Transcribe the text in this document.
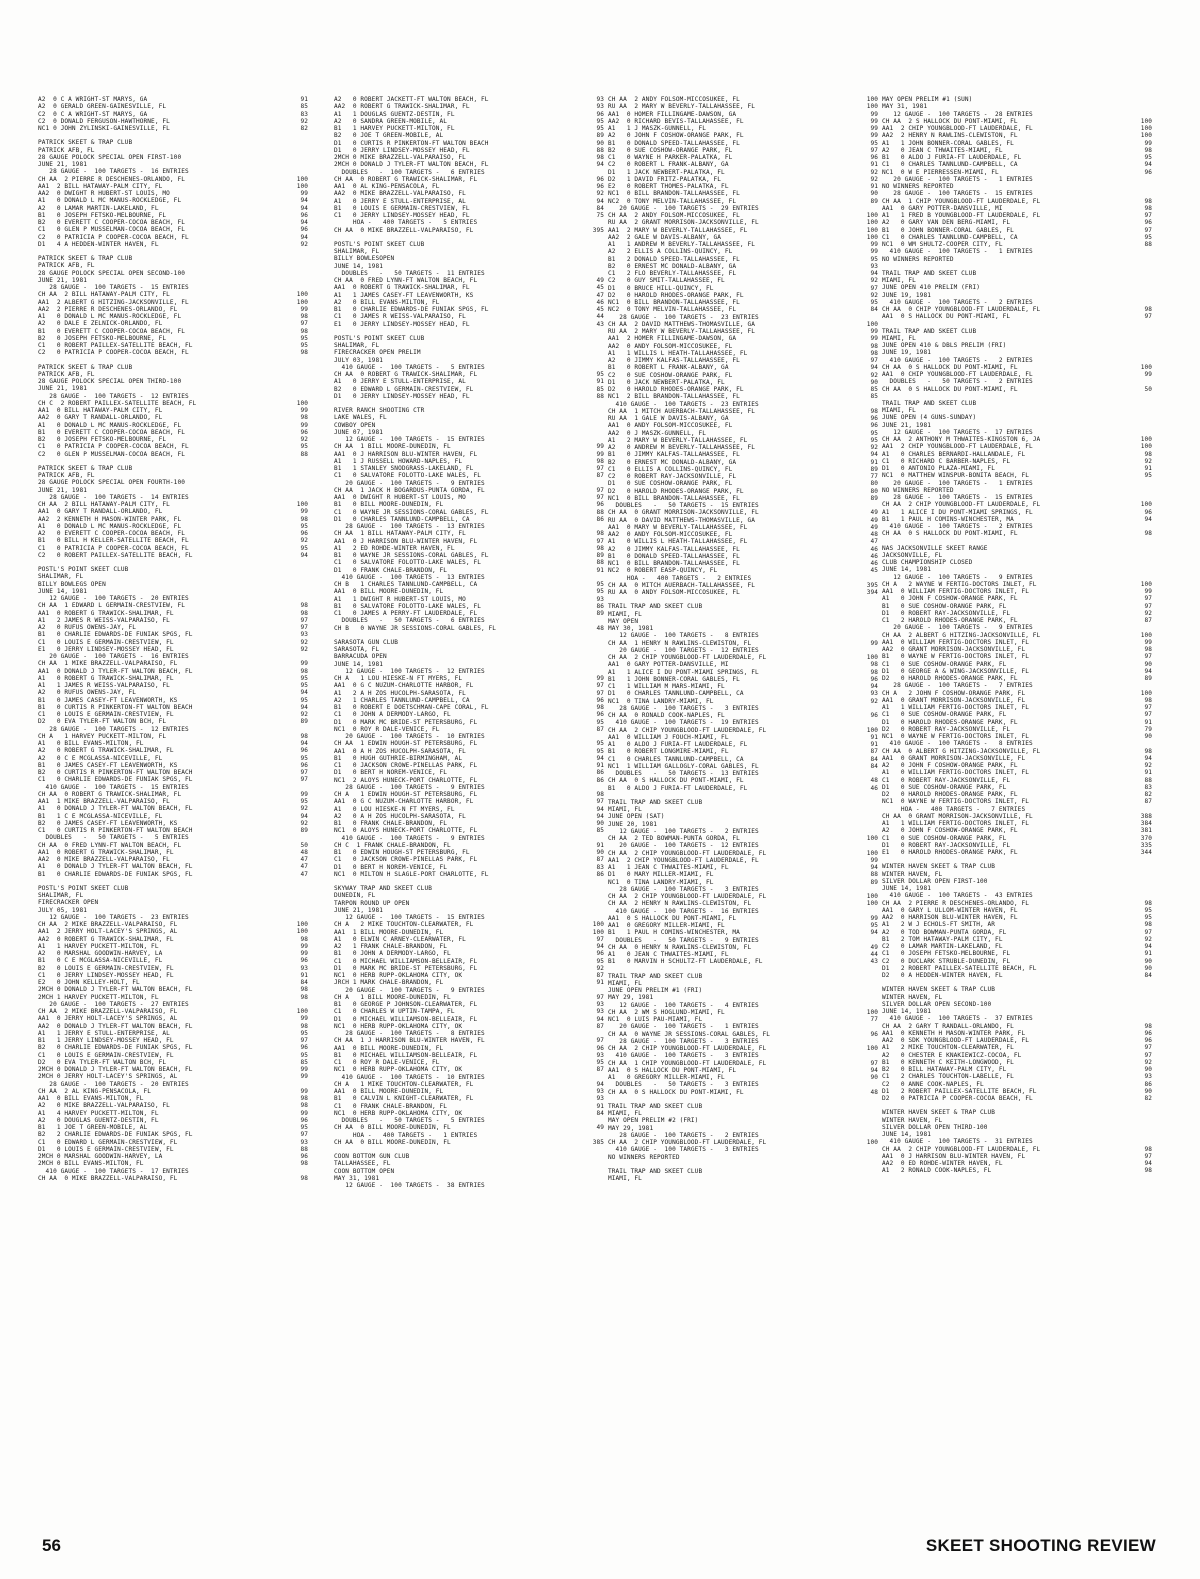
A2  0 C A WRIGHT-ST MARYS, GA	91
A2  0 GERALD GREEN-GAINESVILLE, FL	85
C2  0 C A WRIGHT-ST MARYS, GA	83
C2  0 DONALD FERGUSON-HAWTHORNE, FL	92
NC1 0 JOHN ZYLINSKI-GAINESVILLE, FL	82
PATRICK SKEET & TRAP CLUB
PATRICK AFB, FL
28 GAUGE POLOCK SPECIAL OPEN FIRST-100
JUNE 21, 1981
28 GAUGE -  100 TARGETS -  16 ENTRIES
CH AA  2 PIERRE R DESCHENES-ORLANDO, FL	100
AA1  2 BILL HATAWAY-PALM CITY, FL	100
AA2  0 DWIGHT R HUBERT-ST LOUIS, MO	99
A1   0 DONALD L MC MANUS-ROCKLEDGE, FL	94
A2   0 LAMAR MARTIN-LAKELAND, FL	94
B1   0 JOSEPH FETSKO-MELBOURNE, FL	96
B2   0 EVERETT C COOPER-COCOA BEACH, FL	94
C1   0 GLEN P MUSSELMAN-COCOA BEACH, FL	96
C2   0 PATRICIA P COOPER-COCOA BEACH, FL	94
D1   4 A HEDDEN-WINTER HAVEN, FL	92
PATRICK SKEET & TRAP CLUB
PATRICK AFB, FL
28 GAUGE POLOCK SPECIAL OPEN SECOND-100
JUNE 21, 1981
28 GAUGE -  100 TARGETS -  15 ENTRIES
CH AA  2 BILL HATAWAY-PALM CITY, FL	100
AA1  2 ALBERT G HITZING-JACKSONVILLE, FL	100
AA2  2 PIERRE R DESCHENES-ORLANDO, FL	99
A1   0 DONALD L MC MANUS-ROCKLEDGE, FL	98
A2   0 DALE E ZELNICK-ORLANDO, FL	97
B1   0 EVERETT C COOPER-COCOA BEACH, FL	98
B2   0 JOSEPH FETSKO-MELBOURNE, FL	95
C1   0 ROBERT PAILLEX-SATELLITE BEACH, FL	95
C2   0 PATRICIA P COOPER-COCOA BEACH, FL	98
PATRICK SKEET & TRAP CLUB
PATRICK AFB, FL
28 GAUGE POLOCK SPECIAL OPEN THIRD-100
JUNE 21, 1981
28 GAUGE -  100 TARGETS -  12 ENTRIES
CH C  2 ROBERT PAILLEX-SATELLITE BEACH, FL	100
AA1  0 BILL HATAWAY-PALM CITY, FL	99
AA2  0 GARY T RANDALL-ORLANDO, FL	98
A1   0 DONALD L MC MANUS-ROCKLEDGE, FL	99
B1   0 EVERETT C COOPER-COCOA BEACH, FL	96
B2   0 JOSEPH FETSKO-MELBOURNE, FL	92
C1   0 PATRICIA P COOPER-COCOA BEACH, FL	95
C2   0 GLEN P MUSSELMAN-COCOA BEACH, FL	88
PATRICK SKEET & TRAP CLUB
PATRICK AFB, FL
28 GAUGE POLOCK SPECIAL OPEN FOURTH-100
JUNE 21, 1981
28 GAUGE -  100 TARGETS -  14 ENTRIES
CH AA  2 BILL HATAWAY-PALM CITY, FL	100
AA1  0 GARY T RANDALL-ORLANDO, FL	99
AA2  2 KENNETH H MASON-WINTER PARK, FL	98
A1   0 DONALD L MC MANUS-ROCKLEDGE, FL	95
A2   0 EVERETT C COOPER-COCOA BEACH, FL	96
B1   0 BILL H KELLER-SATELLITE BEACH, FL	92
C1   0 PATRICIA P COOPER-COCOA BEACH, FL	95
C2   0 ROBERT PAILLEX-SATELLITE BEACH, FL	94
POSTL'S POINT SKEET CLUB
SHALIMAR, FL
BILLY BOWLEGS OPEN
JUNE 14, 1981
12 GAUGE -  100 TARGETS -  20 ENTRIES
CH AA  1 EDWARD L GERMAIN-CRESTVIEW, FL	98
AA1  0 ROBERT G TRAWICK-SHALIMAR, FL	98
A1   2 JAMES R WEISS-VALPARAISO, FL	97
A2   0 RUFUS OWENS-JAY, FL	97
B1   0 CHARLIE EDWARDS-DE FUNIAK SPGS, FL	93
C1   0 LOUIS E GERMAIN-CRESTVIEW, FL	92
E1   0 JERRY LINDSEY-MOSSEY HEAD, FL	92
20 GAUGE -  100 TARGETS -  16 ENTRIES
CH AA  1 MIKE BRAZZELL-VALPARAISO, FL	99
AA1  0 DONALD J TYLER-FT WALTON BEACH, FL	98
A1   0 ROBERT G TRAWICK-SHALIMAR, FL	95
A1   1 JAMES R WEISS-VALPARAISO, FL	95
A2   0 RUFUS OWENS-JAY, FL	94
B1   0 JAMES CASEY-FT LEAVENWORTH, KS	95
B1   0 CURTIS R PINKERTON-FT WALTON BEACH	94
C1   0 LOUIS E GERMAIN-CRESTVIEW, FL	92
D2   0 EVA TYLER-FT WALTON BCH, FL	89
28 GAUGE -  100 TARGETS -  12 ENTRIES
CH A   1 HARVEY PUCKETT-MILTON, FL	98
A1   0 BILL EVANS-MILTON, FL	94
A2   0 ROBERT G TRAWICK-SHALIMAR, FL	96
A2   0 C E MCGLASSA-NICEVILLE, FL	95
B1   0 JAMES CASEY-FT LEAVENWORTH, KS	96
B2   0 CURTIS R PINKERTON-FT WALTON BEACH	97
C1   0 CHARLIE EDWARDS-DE FUNIAK SPGS, FL	97
410 GAUGE -  100 TARGETS -  15 ENTRIES
CH AA  0 ROBERT G TRAWICK-SHALIMAR, FL	99
AA1  1 MIKE BRAZZELL-VALPARAISO, FL	95
A1   0 DONALD J TYLER-FT WALTON BEACH, FL	92
B1   1 C E MCGLASSA-NICEVILLE, FL	94
B2   0 JAMES CASEY-FT LEAVENWORTH, KS	92
C1   0 CURTIS R PINKERTON-FT WALTON BEACH	89
DOUBLES   -   50 TARGETS -   5 ENTRIES
CH AA  0 FRED LYNN-FT WALTON BEACH, FL	50
AA1  0 ROBERT G TRAWICK-SHALIMAR, FL	48
AA2  0 MIKE BRAZZELL-VALPARAISO, FL	47
A1   0 DONALD J TYLER-FT WALTON BEACH, FL	47
B1   0 CHARLIE EDWARDS-DE FUNIAK SPGS, FL	47
POSTL'S POINT SKEET CLUB
SHALIMAR, FL
FIRECRACKER OPEN
JULY 05, 1981
12 GAUGE -  100 TARGETS -  23 ENTRIES
CH AA  2 MIKE BRAZZELL-VALPARAISO, FL	100
AA1  2 JERRY HOLT-LACEY'S SPRINGS, AL	100
AA2  0 ROBERT G TRAWICK-SHALIMAR, FL	98
A1   1 HARVEY PUCKETT-MILTON, FL	99
A2   0 MARSHAL GOODWIN-HARVEY, LA	99
B1   0 C E MCGLASSA-NICEVILLE, FL	96
B2   0 LOUIS E GERMAIN-CRESTVIEW, FL	93
C1   0 JERRY LINDSEY-MOSSEY HEAD, FL	91
E2   0 JOHN KELLEY-HOLT, FL	84
2MCH 0 DONALD J TYLER-FT WALTON BEACH, FL	98
2MCH 1 HARVEY PUCKETT-MILTON, FL	98
20 GAUGE -  100 TARGETS -  27 ENTRIES
CH AA  2 MIKE BRAZZELL-VALPARAISO, FL	100
AA1  0 JERRY HOLT-LACEY'S SPRINGS, AL	99
AA2  0 DONALD J TYLER-FT WALTON BEACH, FL	98
A1   1 JERRY E STULL-ENTERPRISE, AL	95
B1   1 JERRY LINDSEY-MOSSEY HEAD, FL	97
B2   0 CHARLIE EDWARDS-DE FUNIAK SPGS, FL	96
C1   0 LOUIS E GERMAIN-CRESTVIEW, FL	95
D2   0 EVA TYLER-FT WALTON BCH, FL	85
2MCH 0 DONALD J TYLER-FT WALTON BEACH, FL	99
2MCH 0 JERRY HOLT-LACEY'S SPRINGS, AL	99
28 GAUGE -  100 TARGETS -  20 ENTRIES
CH AA  2 AL KING-PENSACOLA, FL	99
AA1  0 BILL EVANS-MILTON, FL	98
A2   0 MIKE BRAZZELL-VALPARAISO, FL	98
A1   4 HARVEY PUCKETT-MILTON, FL	99
A2   0 DOUGLAS GUENTZ-DESTIN, FL	96
B1   1 JOE T GREEN-MOBILE, AL	95
B2   2 CHARLIE EDWARDS-DE FUNIAK SPGS, FL	97
C1   0 EDWARD L GERMAIN-CRESTVIEW, FL	93
D1   0 LOUIS E GERMAIN-CRESTVIEW, FL	88
2MCH 0 MARSHAL GOODWIN-HARVEY, LA	96
2MCH 0 BILL EVANS-MILTON, FL	98
410 GAUGE -  100 TARGETS -  17 ENTRIES
CH AA  0 MIKE BRAZZELL-VALPARAISO, FL	98
A2   0 ROBERT JACKETT-FT WALTON BEACH, FL	93
AA2  0 ROBERT G TRAWICK-SHALIMAR, FL	93
A1   1 DOUGLAS GUENTZ-DESTIN, FL	96
A2   0 SANDRA GREEN-MOBILE, AL	95
B1   1 HARVEY PUCKETT-MILTON, FL	95
B2   0 JOE T GREEN-MOBILE, AL	89
D1   0 CURTIS R PINKERTON-FT WALTON BEACH	90
D1   0 JERRY LINDSEY-MOSSEY HEAD, FL	88
2MCH 0 MIKE BRAZZELL-VALPARAISO, FL	98
2MCH 0 DONALD J TYLER-FT WALTON BEACH, FL	94
DOUBLES   -  100 TARGETS -   6 ENTRIES
CH AA  0 ROBERT G TRAWICK-SHALIMAR, FL	96
AA1  0 AL KING-PENSACOLA, FL	96
AA2  0 MIKE BRAZZELL-VALPARAISO, FL	92
A1   0 JERRY E STULL-ENTERPRISE, AL	94
B1   0 LOUIS E GERMAIN-CRESTVIEW, FL	84
C1   0 JERRY LINDSEY-MOSSEY HEAD, FL	75
HOA -   400 TARGETS -   5 ENTRIES
CH AA  0 MIKE BRAZZELL-VALPARAISO, FL	395
POSTL'S POINT SKEET CLUB
SHALIMAR, FL
BILLY BOWLESOPEN
JUNE 14, 1981
DOUBLES   -   50 TARGETS -  11 ENTRIES
CH AA  0 FRED LYNN-FT WALTON BEACH, FL	49
AA1  0 ROBERT G TRAWICK-SHALIMAR, FL	45
A1   1 JAMES CASEY-FT LEAVENWORTH, KS	47
A2   0 BILL EVANS-MILTON, FL	46
B1   0 CHARLIE EDWARDS-DE FUNIAK SPGS, FL	45
C1   0 JAMES R WEISS-VALPARAISO, FL	44
E1   0 JERRY LINDSEY-MOSSEY HEAD, FL	43
POSTL'S POINT SKEET CLUB
SHALIMAR, FL
FIRECRACKER OPEN PRELIM
JULY 03, 1981
410 GAUGE -  100 TARGETS -   5 ENTRIES
CH AA  0 ROBERT G TRAWICK-SHALIMAR, FL	95
A1   0 JERRY E STULL-ENTERPRISE, AL	91
B2   0 EDWARD L GERMAIN-CRESTVIEW, FL	85
D1   0 JERRY LINDSEY-MOSSEY HEAD, FL	88
RIVER RANCH SHOOTING CTR
LAKE WALES, FL
COWBOY OPEN
JUNE 07, 1981
12 GAUGE -  100 TARGETS -  15 ENTRIES
CH AA  1 BILL MOORE-DUNEDIN, FL	99
AA1  0 J HARRISON BLU-WINTER HAVEN, FL	99
A1   1 J RUSSELL HOWARD-NAPLES, FL	98
B1   1 STANLEY SNODGRASS-LAKELAND, FL	97
C1   0 SALVATORE FOLOTTO-LAKE WALES, FL	87
20 GAUGE -  100 TARGETS -   9 ENTRIES
CH AA  1 JACK H BOGARDUS-PUNTA GORDA, FL	97
AA1  0 DWIGHT R HUBERT-ST LOUIS, MO	97
B1   0 BILL MOORE-DUNEDIN, FL	96
C1   0 WAYNE JR SESSIONS-CORAL GABLES, FL	88
D1   0 CHARLES TANNLUND-CAMPBELL, CA	86
28 GAUGE -  100 TARGETS -  13 ENTRIES
CH AA  1 BILL HATAWAY-PALM CITY, FL	98
AA1  0 J HARRISON BLU-WINTER HAVEN, FL	97
A1   2 ED ROHDE-WINTER HAVEN, FL	98
B1   0 WAYNE JR SESSIONS-CORAL GABLES, FL	89
C1   0 SALVATORE FOLOTTO-LAKE WALES, FL	88
D1   0 FRANK CHALE-BRANDON, FL	91
410 GAUGE -  100 TARGETS -  13 ENTRIES
CH B   1 CHARLES TANNLUND-CAMPBELL, CA	95
AA1  0 BILL MOORE-DUNEDIN, FL	95
A1   1 DWIGHT R HUBERT-ST LOUIS, MO	93
B1   0 SALVATORE FOLOTTO-LAKE WALES, FL	86
C1   0 JAMES A PERRY-FT LAUDERDALE, FL	89
DOUBLES   -   50 TARGETS -   6 ENTRIES
CH B   0 WAYNE JR SESSIONS-CORAL GABLES, FL	48
SARASOTA GUN CLUB
SARASOTA, FL
BARRACUDA OPEN
JUNE 14, 1981
12 GAUGE -  100 TARGETS -  12 ENTRIES
CH A   1 LOU HIESKE-N FT MYERS, FL	99
AA1  0 G C NUZUM-CHARLOTTE HARBOR, FL	97
A1   2 A H ZOS HUCOLPH-SARASOTA, FL	97
A2   1 CHARLES TANNLUND-CAMPBELL, CA	96
B1   0 ROBERT E DOETSCHMAN-CAPE CORAL, FL	98
C1   0 JOHN A DERMODY-LARGO, FL	96
D1   0 MARK MC BRIDE-ST PETERSBURG, FL	95
NC1  0 ROY R DALE-VENICE, FL	87
20 GAUGE -  100 TARGETS -  10 ENTRIES
CH AA  1 EDWIN HOUGH-ST PETERSBURG, FL	95
AA1  0 A H ZOS HUCOLPH-SARASOTA, FL	95
B1   0 HUGH GUTHRIE-BIRMINGHAM, AL	94
C1   0 JACKSON CROWE-PINELLAS PARK, FL	91
D1   0 BERT H NOREM-VENICE, FL	86
NC1  2 ALOYS HUNECK-PORT CHARLOTTE, FL	86
28 GAUGE -  100 TARGETS -   9 ENTRIES
CH A   1 EDWIN HOUGH-ST PETERSBURG, FL	98
AA1  0 G C NUZUM-CHARLOTTE HARBOR, FL	97
A1   0 LOU HIESKE-N FT MYERS, FL	94
A2   0 A H ZOS HUCOLPH-SARASOTA, FL	94
B1   0 FRANK CHALE-BRANDON, FL	90
NC1  0 ALOYS HUNECK-PORT CHARLOTTE, FL	85
410 GAUGE -  100 TARGETS -   9 ENTRIES
CH C  1 FRANK CHALE-BRANDON, FL	91
B1   0 EDWIN HOUGH-ST PETERSBURG, FL	90
C1   0 JACKSON CROWE-PINELLAS PARK, FL	87
D1   0 BERT H NOREM-VENICE, FL	83
NC1  0 MILTON H SLAGLE-PORT CHARLOTTE, FL	86
SKYWAY TRAP AND SKEET CLUB
DUNEDIN, FL
TARPON ROUND UP OPEN
JUNE 21, 1981
12 GAUGE -  100 TARGETS -  15 ENTRIES
CH A   2 MIKE TOUCHTON-CLEARWATER, FL	100
AA1  1 BILL MOORE-DUNEDIN, FL	100
A1   0 ELWIN C ARNEY-CLEARWATER, FL	97
A2   1 FRANK CHALE-BRANDON, FL	94
B1   0 JOHN A DERMODY-LARGO, FL	96
C1   0 MICHAEL WILLIAMSON-BELLEAIR, FL	95
D1   0 MARK MC BRIDE-ST PETERSBURG, FL	92
NC1  0 HERB RUPP-OKLAHOMA CITY, OK	87
JRCH 1 MARK CHALE-BRANDON, FL	91
20 GAUGE -  100 TARGETS -   9 ENTRIES
CH A   1 BILL MOORE-DUNEDIN, FL	97
B1   0 GEORGE P JOHNSON-CLEARWATER, FL	93
C1   0 CHARLES W UPTIN-TAMPA, FL	93
D1   0 MICHAEL WILLIAMSON-BELLEAIR, FL	94
NC1  0 HERB RUPP-OKLAHOMA CITY, OK	87
28 GAUGE -  100 TARGETS -   8 ENTRIES
CH AA  1 J HARRISON BLU-WINTER HAVEN, FL	97
AA1  0 BILL MOORE-DUNEDIN, FL	96
B1   0 MICHAEL WILLIAMSON-BELLEAIR, FL	93
C1   0 ROY R DALE-VENICE, FL	95
NC1  0 HERB RUPP-OKLAHOMA CITY, OK	87
410 GAUGE -  100 TARGETS -  10 ENTRIES
CH A   1 MIKE TOUCHTON-CLEARWATER, FL	94
AA1  0 BILL MOORE-DUNEDIN, FL	93
B1   0 CALVIN L KNIGHT-CLEARWATER, FL	93
C1   0 FRANK CHALE-BRANDON, FL	91
NC1  0 HERB RUPP-OKLAHOMA CITY, OK	84
DOUBLES   -   50 TARGETS -   5 ENTRIES
CH AA  0 BILL MOORE-DUNEDIN, FL	49
HOA -   400 TARGETS -   1 ENTRIES
CH AA  0 BILL MOORE-DUNEDIN, FL	385
COON BOTTOM GUN CLUB
TALLAHASSEE, FL
COON BOTTOM OPEN
MAY 31, 1981
12 GAUGE -  100 TARGETS -  38 ENTRIES
CH AA  2 ANDY FOLSOM-MICCOSUKEE, FL	100
RU AA  2 MARY W BEVERLY-TALLAHASSEE, FL	100
AA1  0 HOMER FILLINGAME-DAWSON, GA	99
AA2  0 RICHARD BEVIS-TALLAHASSEE, FL	99
A1   1 J MASZK-GUNNELL, FL	99
A2   0 JOHN F COSHOW-ORANGE PARK, FL	99
B1   0 DONALD SPEED-TALLAHASSEE, FL	95
B2   0 SUE COSHOW-ORANGE PARK, FL	97
C1   0 WAYNE H PARKER-PALATKA, FL	96
C2   0 ROBERT L FRANK-ALBANY, GA	91
D1   1 JACK NEWBERT-PALATKA, FL	92
D2   1 DAVID FRITZ-PALATKA, FL	92
E2   0 ROBERT THOMES-PALATKA, FL	91
NC1  0 BILL BRANDON-TALLAHASSEE, FL	90
NC2  0 TONY MELVIN-TALLAHASSEE, FL	89
20 GAUGE -  100 TARGETS -  29 ENTRIES
CH AA  2 ANDY FOLSOM-MICCOSUKEE, FL	100
RU AA  2 GRANT MORRISON-JACKSONVILLE, FL	100
AA1  2 MARY W BEVERLY-TALLAHASSEE, FL	100
AA2  2 GALE W DAVIS-ALBANY, GA	100
A1   1 ANDREW M BEVERLY-TALLAHASSEE, FL	99
A2   2 ELLIS A COLLINS-QUINCY, FL	99
B1   2 DONALD SPEED-TALLAHASSEE, FL	95
B2   0 ERNEST MC DONALD-ALBANY, GA	93
C1   2 FLO BEVERLY-TALLAHASSEE, FL	94
C2   0 GUY SMIT-TALLAHASSEE, FL	92
D1   0 BRUCE HILL-QUINCY, FL	97
D2   0 HAROLD RHODES-ORANGE PARK, FL	92
NC1  0 BILL BRANDON-TALLAHASSEE, FL	95
NC2  0 TONY MELVIN-TALLAHASSEE, FL	84
28 GAUGE -  100 TARGETS -  23 ENTRIES
CH AA  2 DAVID MATTHEWS-THOMASVILLE, GA	100
RU AA  2 MARY W BEVERLY-TALLAHASSEE, FL	99
AA1  2 HOMER FILLINGAME-DAWSON, GA	99
AA2  0 ANDY FOLSOM-MICCOSUKEE, FL	98
A1   1 WILLIS L HEATH-TALLAHASSEE, FL	98
A2   0 JIMMY KALFAS-TALLAHASSEE, FL	97
B1   0 ROBERT L FRANK-ALBANY, GA	94
C2   0 SUE COSHOW-ORANGE PARK, FL	92
D1   0 JACK NEWBERT-PALATKA, FL	90
D2   0 HAROLD RHODES-ORANGE PARK, FL	85
NC1  2 BILL BRANDON-TALLAHASSEE, FL	85
410 GAUGE -  100 TARGETS -  23 ENTRIES
CH AA  1 MITCH AUERBACH-TALLAHASSEE, FL	98
RU AA  1 GALE W DAVIS-ALBANY, GA	96
AA1  0 ANDY FOLSOM-MICCOSUKEE, FL	96
AA2  0 J MASZK-GUNNELL, FL	95
A1   2 MARY W BEVERLY-TALLAHASSEE, FL	95
A2   0 ANDREW M BEVERLY-TALLAHASSEE, FL	92
B1   0 JIMMY KALFAS-TALLAHASSEE, FL	94
B2   0 ERNEST MC DONALD-ALBANY, GA	91
C1   0 ELLIS A COLLINS-QUINCY, FL	89
C2   0 ROBERT RAY-JACKSONVILLE, FL	77
D1   0 SUE COSHOW-ORANGE PARK, FL	80
D2   0 HAROLD RHODES-ORANGE PARK, FL	80
NC1  0 BILL BRANDON-TALLAHASSEE, FL	89
DOUBLES   -   50 TARGETS -  15 ENTRIES
CH AA  0 GRANT MORRISON-JACKSONVILLE, FL	49
RU AA  0 DAVID MATTHEWS-THOMASVILLE, GA	49
AA1  0 MARY W BEVERLY-TALLAHASSEE, FL	49
AA2  0 ANDY FOLSOM-MICCOSUKEE, FL	48
A1   0 WILLIS L HEATH-TALLAHASSEE, FL	47
A2   0 JIMMY KALFAS-TALLAHASSEE, FL	46
B1   0 DONALD SPEED-TALLAHASSEE, FL	46
NC1  0 BILL BRANDON-TALLAHASSEE, FL	46
NC2  0 ROBERT EASP-QUINCY, FL	45
HOA -   400 TARGETS -   2 ENTRIES
CH AA  0 MITCH AUERBACH-TALLAHASSEE, FL	395
RU AA  0 ANDY FOLSOM-MICCOSUKEE, FL	394
TRAIL TRAP AND SKEET CLUB
MIAMI, FL
MAY OPEN
MAY 30, 1981
12 GAUGE -  100 TARGETS -   8 ENTRIES
CH AA  1 HENRY N RAWLINS-CLEWISTON, FL	99
20 GAUGE -  100 TARGETS -  12 ENTRIES
CH AA  2 CHIP YOUNGBLOOD-FT LAUDERDALE, FL	100
AA1  0 GARY POTTER-DANSVILLE, MI	98
A1   1 ALICE I DU PONT-MIAMI SPRINGS, FL	98
B1   1 JOHN BONNER-CORAL GABLES, FL	96
C1   1 WILLIAM M MARS-MIAMI, FL	94
D1   0 CHARLES TANNLUND-CAMPBELL, CA	93
NC1  0 TINA LANDRY-MIAMI, FL	92
28 GAUGE -  100 TARGETS -   3 ENTRIES
CH AA  0 RONALD COOK-NAPLES, FL	96
410 GAUGE -  100 TARGETS -  19 ENTRIES
CH AA  2 CHIP YOUNGBLOOD-FT LAUDERDALE, FL	100
AA1  0 WILLIAM J FOUCH-MIAMI, FL	91
A1   0 ALDO J FURIA-FT LAUDERDALE, FL	91
B1   0 ROBERT LONGMIRE-MIAMI, FL	87
C1   0 CHARLES TANNLUND-CAMPBELL, CA	84
NC1  1 WILLIAM GALLOGLY-CORAL GABLES, FL	84
DOUBLES   -   50 TARGETS -  13 ENTRIES
CH AA  0 S HALLOCK DU PONT-MIAMI, FL	48
B1   0 ALDO J FURIA-FT LAUDERDALE, FL	46
TRAIL TRAP AND SKEET CLUB
MIAMI, FL
JUNE OPEN (SAT)
JUNE 20, 1981
12 GAUGE -  100 TARGETS -   2 ENTRIES
CH AA  2 TED BOWMAN-PUNTA GORDA, FL	100
20 GAUGE -  100 TARGETS -  12 ENTRIES
CH AA  2 CHIP YOUNGBLOOD-FT LAUDERDALE, FL	100
AA1  2 CHIP YOUNGBLOOD-FT LAUDERDALE, FL	99
A1   1 JEAN C THWAITES-MIAMI, FL	94
D1   0 MARY MILLER-MIAMI, FL	88
NC1  0 TINA LANDRY-MIAMI, FL	89
28 GAUGE -  100 TARGETS -   3 ENTRIES
CH AA  2 CHIP YOUNGBLOOD-FT LAUDERDALE, FL	100
CH AA  2 HENRY N RAWLINS-CLEWISTON, FL	100
410 GAUGE -  100 TARGETS -  16 ENTRIES
AA1  0 S HALLOCK DU PONT-MIAMI, FL	99
AA1  0 GREGORY MILLER-MIAMI, FL	95
B1   1 PAUL H COMINS-WINCHESTER, MA	94
DOUBLES   -   50 TARGETS -   9 ENTRIES
CH AA  0 HENRY N RAWLINS-CLEWISTON, FL	49
A1   0 JEAN C THWAITES-MIAMI, FL	44
B1   0 MARVIN H SCHULTZ-FT LAUDERDALE, FL	43
TRAIL TRAP AND SKEET CLUB
MIAMI, FL
JUNE OPEN PRELIM #1 (FRI)
MAY 29, 1981
12 GAUGE -  100 TARGETS -   4 ENTRIES
CH AA  2 WM S HOGLUND-MIAMI, FL	100
NC1  0 LUIS PAU-MIAMI, FL	77
20 GAUGE -  100 TARGETS -   1 ENTRIES
CH AA  0 WAYNE JR SESSIONS-CORAL GABLES, FL	96
28 GAUGE -  100 TARGETS -   3 ENTRIES
CH AA  2 CHIP YOUNGBLOOD-FT LAUDERDALE, FL	100
410 GAUGE -  100 TARGETS -   3 ENTRIES
CH AA  1 CHIP YOUNGBLOOD-FT LAUDERDALE, FL	97
AA1  0 S HALLOCK DU PONT-MIAMI, FL	94
A1   0 GREGORY MILLER-MIAMI, FL	90
DOUBLES   -   50 TARGETS -   3 ENTRIES
CH AA  0 S HALLOCK DU PONT-MIAMI, FL	48
TRAIL TRAP AND SKEET CLUB
MIAMI, FL
MAY OPEN PRELIM #2 (FRI)
MAY 29, 1981
28 GAUGE -  100 TARGETS -   2 ENTRIES
CH AA  2 CHIP YOUNGBLOOD-FT LAUDERDALE, FL	100
410 GAUGE -  100 TARGETS -   3 ENTRIES
NO WINNERS REPORTED
TRAIL TRAP AND SKEET CLUB
MIAMI, FL
MAY OPEN PRELIM #1 (SUN)
MAY 31, 1981
12 GAUGE -  100 TARGETS -  28 ENTRIES
CH AA  2 S HALLOCK DU PONT-MIAMI, FL	100
AA1  2 CHIP YOUNGBLOOD-FT LAUDERDALE, FL	100
AA2  2 HENRY N RAWLINS-CLEWISTON, FL	100
A1   1 JOHN BONNER-CORAL GABLES, FL	99
A2   0 JEAN C THWAITES-MIAMI, FL	98
B1   0 ALDO J FURIA-FT LAUDERDALE, FL	95
C1   0 CHARLES TANNLUND-CAMPBELL, CA	94
NC1  0 W E PIERRESSEN-MIAMI, FL	96
20 GAUGE -  100 TARGETS -   1 ENTRIES
NO WINNERS REPORTED
28 GAUGE -  100 TARGETS -  15 ENTRIES
CH AA  1 CHIP YOUNGBLOOD-FT LAUDERDALE, FL	98
AA1  0 GARY POTTER-DANSVILLE, MI	98
A1   1 FRED B YOUNGBLOOD-FT LAUDERDALE, FL	97
A2   0 GARY VAN DEN BERG-MIAMI, FL	96
B1   0 JOHN BONNER-CORAL GABLES, FL	97
C1   0 CHARLES TANNLUND-CAMPBELL, CA	95
NC1  0 WM SHULTZ-COOPER CITY, FL	88
410 GAUGE -  100 TARGETS -   1 ENTRIES
NO WINNERS REPORTED
TRAIL TRAP AND SKEET CLUB
MIAMI, FL
JUNE OPEN 410 PRELIM (FRI)
JUNE 19, 1981
410 GAUGE -  100 TARGETS -   2 ENTRIES
CH AA  0 CHIP YOUNGBLOOD-FT LAUDERDALE, FL	98
AA1  0 S HALLOCK DU PONT-MIAMI, FL	97
TRAIL TRAP AND SKEET CLUB
MIAMI, FL
JUNE OPEN 410 & DBLS PRELIM (FRI)
JUNE 19, 1981
410 GAUGE -  100 TARGETS -   2 ENTRIES
CH AA  0 S HALLOCK DU PONT-MIAMI, FL	100
AA1  0 CHIP YOUNGBLOOD-FT LAUDERDALE, FL	99
DOUBLES   -   50 TARGETS -   2 ENTRIES
CH AA  0 S HALLOCK DU PONT-MIAMI, FL	50
TRAIL TRAP AND SKEET CLUB
MIAMI, FL
JUNE OPEN (4 GUNS-SUNDAY)
JUNE 21, 1981
12 GAUGE -  100 TARGETS -  17 ENTRIES
CH AA  2 ANTHONY M THWAITES-KINGSTON 6, JA	100
AA1  2 CHIP YOUNGBLOOD-FT LAUDERDALE, FL	100
A1   0 CHARLES BERNARDI-HALLANDALE, FL	98
C1   0 RICHARD C BARBER-NAPLES, FL	92
D1   0 ANTONIO PLAZA-MIAMI, FL	91
NC1  0 MATTHEW WINSPUR-BONITA BEACH, FL	95
20 GAUGE -  100 TARGETS -   1 ENTRIES
NO WINNERS REPORTED
28 GAUGE -  100 TARGETS -  15 ENTRIES
CH AA  2 CHIP YOUNGBLOOD-FT LAUDERDALE, FL	100
A1   1 ALICE I DU PONT-MIAMI SPRINGS, FL	96
B1   1 PAUL H COMINS-WINCHESTER, MA	94
410 GAUGE -  100 TARGETS -   2 ENTRIES
CH AA  0 S HALLOCK DU PONT-MIAMI, FL	98
NAS JACKSONVILLE SKEET RANGE
JACKSONVILLE, FL
CLUB CHAMPIONSHIP CLOSED
JUNE 14, 1981
12 GAUGE -  100 TARGETS -   9 ENTRIES
CH A   2 WAYNE W FERTIG-DOCTORS INLET, FL	100
AA1  0 WILLIAM FERTIG-DOCTORS INLET, FL	99
A1   0 JOHN F COSHOW-ORANGE PARK, FL	97
B1   0 SUE COSHOW-ORANGE PARK, FL	97
D1   0 ROBERT RAY-JACKSONVILLE, FL	92
C1   2 HAROLD RHODES-ORANGE PARK, FL	87
20 GAUGE -  100 TARGETS -   9 ENTRIES
CH AA  2 ALBERT G HITZING-JACKSONVILLE, FL	100
AA1  0 WILLIAM FERTIG-DOCTORS INLET, FL	99
AA2  0 GRANT MORRISON-JACKSONVILLE, FL	98
B1   0 WAYNE W FERTIG-DOCTORS INLET, FL	97
C1   0 SUE COSHOW-ORANGE PARK, FL	90
D1   0 GEORGE A & WING-JACKSONVILLE, FL	94
D2   0 HAROLD RHODES-ORANGE PARK, FL	89
28 GAUGE -  100 TARGETS -   7 ENTRIES
CH A   2 JOHN F COSHOW-ORANGE PARK, FL	100
AA1  0 GRANT MORRISON-JACKSONVILLE, FL	98
A1   1 WILLIAM FERTIG-DOCTORS INLET, FL	97
C1   0 SUE COSHOW-ORANGE PARK, FL	97
D1   0 HAROLD RHODES-ORANGE PARK, FL	91
D2   0 ROBERT RAY-JACKSONVILLE, FL	79
NC1  0 WAYNE W FERTIG-DOCTORS INLET, FL	90
410 GAUGE -  100 TARGETS -   8 ENTRIES
CH AA  0 ALBERT G HITZING-JACKSONVILLE, FL	98
AA1  0 GRANT MORRISON-JACKSONVILLE, FL	94
A2   0 JOHN F COSHOW-ORANGE PARK, FL	92
A1   0 WILLIAM FERTIG-DOCTORS INLET, FL	91
C1   0 ROBERT RAY-JACKSONVILLE, FL	88
D1   0 SUE COSHOW-ORANGE PARK, FL	83
D2   0 HAROLD RHODES-ORANGE PARK, FL	82
NC1  0 WAYNE W FERTIG-DOCTORS INLET, FL	87
HOA -   400 TARGETS -   7 ENTRIES
CH AA  0 GRANT MORRISON-JACKSONVILLE, FL	388
A1   1 WILLIAM FERTIG-DOCTORS INLET, FL	384
A2   0 JOHN F COSHOW-ORANGE PARK, FL	381
C1   0 SUE COSHOW-ORANGE PARK, FL	370
D1   0 ROBERT RAY-JACKSONVILLE, FL	335
E1   0 HAROLD RHODES-ORANGE PARK, FL	344
WINTER HAVEN SKEET & TRAP CLUB
WINTER HAVEN, FL
SILVER DOLLAR OPEN FIRST-100
JUNE 14, 1981
410 GAUGE -  100 TARGETS -  43 ENTRIES
CH AA  2 PIERRE R DESCHENES-ORLANDO, FL	98
AA1  0 GARY L ULLOM-WINTER HAVEN, FL	95
AA2  0 HARRISON BLU-WINTER HAVEN, FL	95
A1   2 W J ECHOLS-FT SMITH, AR	98
A2   0 TOD BOWMAN-PUNTA GORDA, FL	97
B1   2 TOM HATAWAY-PALM CITY, FL	92
C2   0 LAMAR MARTIN-LAKELAND, FL	94
C1   0 JOSEPH FETSKO-MELBOURNE, FL	91
C2   0 DUCLARK STRUBLE-DUNEDIN, FL	90
D1   2 ROBERT PAILLEX-SATELLITE BEACH, FL	90
D2   0 A HEDDEN-WINTER HAVEN, FL	84
WINTER HAVEN SKEET & TRAP CLUB
WINTER HAVEN, FL
SILVER DOLLAR OPEN SECOND-100
JUNE 14, 1981
410 GAUGE -  100 TARGETS -  37 ENTRIES
CH AA  2 GARY T RANDALL-ORLANDO, FL	98
AA1  0 KENNETH H MASON-WINTER PARK, FL	96
AA2  0 SDK YOUNGBLOOD-FT LAUDERDALE, FL	96
A1   2 MIKE TOUCHTON-CLEARWATER, FL	97
A2   0 CHESTER E KNAKIEWICZ-COCOA, FL	97
B1   0 KENNETH C KEITH-LONGWOOD, FL	92
B2   0 BILL HATAWAY-PALM CITY, FL	90
C1   2 CHARLES TOUCHTON-LABELLE, FL	93
C2   0 ANNE COOK-NAPLES, FL	86
D1   2 ROBERT PAILLEX-SATELLITE BEACH, FL	90
D2   0 PATRICIA P COOPER-COCOA BEACH, FL	82
WINTER HAVEN SKEET & TRAP CLUB
WINTER HAVEN, FL
SILVER DOLLAR OPEN THIRD-100
JUNE 14, 1981
410 GAUGE -  100 TARGETS -  31 ENTRIES
CH AA  2 CHIP YOUNGBLOOD-FT LAUDERDALE, FL	98
AA1  0 J HARRISON BLU-WINTER HAVEN, FL	97
AA2  0 ED ROHDE-WINTER HAVEN, FL	94
A1   2 RONALD COOK-NAPLES, FL	98
56	SKEET SHOOTING REVIEW
